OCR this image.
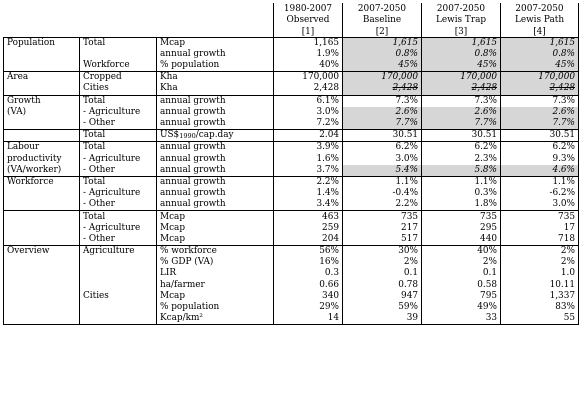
			1980-2007	2007-2050	2007-2050	2007-2050
			Observed	Baseline	Lewis Trap	Lewis Path
			[1]	[2]	[3]	[4]
Population	Total	Mcap	1,165	1,615	1,615	1,615
		annual growth	1.9%	0.8%	0.8%	0.8%
	Workforce	% population	40%	45%	45%	45%
Area	Cropped	Kha	170,000	170,000	170,000	170,000
	Cities	Kha	2,428	2,428	2,428	2,428
Growth	Total	annual growth	6.1%	7.3%	7.3%	7.3%
(VA)	- Agriculture	annual growth	3.0%	2.6%	2.6%	2.6%
	- Other	annual growth	7.2%	7.7%	7.7%	7.7%
	Total	US$1990/cap.day	2.04	30.51	30.51	30.51
Labour	Total	annual growth	3.9%	6.2%	6.2%	6.2%
productivity	- Agriculture	annual growth	1.6%	3.0%	2.3%	9.3%
(VA/worker)	- Other	annual growth	3.7%	5.4%	5.8%	4.6%
Workforce	Total	annual growth	2.2%	1.1%	1.1%	1.1%
	- Agriculture	annual growth	1.4%	-0.4%	0.3%	-6.2%
	- Other	annual growth	3.4%	2.2%	1.8%	3.0%
	Total	Mcap	463	735	735	735
	- Agriculture	Mcap	259	217	295	17
	- Other	Mcap	204	517	440	718
Overview	Agriculture	% workforce	56%	30%	40%	2%
		% GDP (VA)	16%	2%	2%	2%
		LIR	0.3	0.1	0.1	1.0
		ha/farmer	0.66	0.78	0.58	10.11
	Cities	Mcap	340	947	795	1,337
		% population	29%	59%	49%	83%
		Kcap/km²	14	39	33	55
